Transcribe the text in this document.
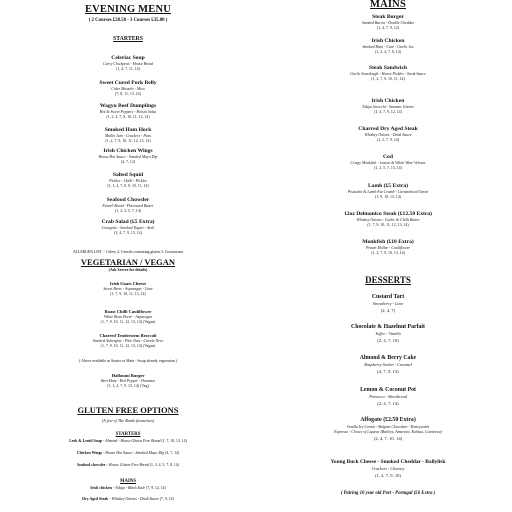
EVENING MENU
( 2 Courses £28.50 - 3 Courses £35.00 )
STARTERS
Celeriac Soup
Curry Chickpeas - House Bread
(1, 4, 7, 11, 14)
Sweet Cured Pork Belly
Cider Mussels - Miso
(7, 8, 11, 13, 14)
Wagyu Beef Dumplings
Hot & Sweet Peppers - Hoisin Salsa
(1, 2, 4, 7, 9, 10, 11, 12, 14)
Smoked Ham Hock
Mullet Jam - Crackers - Peas
(1, 2, 7, 9, 10, 11, 12, 13, 14)
Irish Chicken Wings
House Hot Sauce - Smoked Mayo Dip
(4, 7, 12)
Salted Squid
Pickles - Chilli - Pickles
(1, 3, 4, 7, 8, 9, 10, 11, 14)
Seafood Chowder
Fennel Bread - Flavoured Butter
(1, 2, 3, 5, 7, 14)
Crab Salad (£5 Extra)
Courgette - Smoked Yogurt - Aioli
(3, 4, 7, 9, 13, 14)
ALLERGEN LIST :- Celery 2: Cereals containing gluten 3: Crustaceans
VEGETARIAN / VEGAN
(Ask Server for details)
Irish Goats Cheese
Sweet Beets - Asparagus - Lime
(1, 7, 9, 10, 11, 13, 14)
Roast Chilli Cauliflower
White Bean Puree - Asparagus
(1, 7, 9, 10, 11, 12, 13, 14) (Vegan)
Charred Tenderstem Broccoli
Smoked Aubergine - Pine Nuts - Cavolo Nero
(1, 7, 9, 10, 11, 12, 13, 14) (Vegan)
( Above available as Starter or Main - Swap already vegetarian )
Halloumi Burger
Beet Ham - Red Pepper - Hummus
(1, 3, 4, 7, 9, 13, 14) (Veg)
GLUTEN FREE OPTIONS
(A few of The Bards favourites)
STARTERS
Leek & Lentil Soup - Almond - House Gluten Free Bread (1, 7, 10, 13, 14)
Chicken Wings - House Hot Sauce - Smoked Mayo Dip (4, 7, 12)
Seafood chowder - House Gluten Free Bread (1, 3, 4, 5, 7, 8, 14)
MAINS
Irish chicken - Nduja - Black Kale (7, 9, 12, 14)
Dry Aged Steak - Whiskey Onions - Diedi Sauce (7, 9, 14)
MAINS
Steak Burger
Smoked Bacon - Double Cheddar
(1, 4, 7, 9, 12)
Irish Chicken
Smoked Ham - Cure - Garlic Jus
(1, 2, 4, 7, 9, 14)
Steak Sandwich
Garlic Sourdough - House Pickles - Steak Sauce
(1, 2, 7, 9, 10, 11, 14)
Irish Chicken
Nduja Gnocchi - Summer Greens
(1, 4, 7, 9, 12, 14)
Charred Dry Aged Steak
Whiskey Onions - Diedi Sauce
(1, 2, 7, 9, 14)
Cod
Crispy Monkfish - Lemon & White Wine Veloute
(1, 2, 5, 7, 13, 14)
Lamb (£5 Extra)
Pistachio & Lamb Fat Crumb - Caramelised Onion
(1, 9, 10, 13, 14)
12oz Delmonico Steak (£12.50 Extra)
Whiskey Onions - Garlic & Chilli Butter
(1, 7, 9, 10, 11, 12, 13, 14)
Monkfish (£10 Extra)
Prawn Mollee - Cauliflower
(1, 2, 7, 9, 10, 13, 14)
DESSERTS
Custard Tart
Strawberry - Lime
(2, 4, 7)
Chocolate & Hazelnut Parfait
Toffee - Vanilla
(2, 4, 7, 10)
Almond & Berry Cake
Raspberry Sorbet - Caramel
(4, 7, 9, 13)
Lemon & Coconut Pot
Prosecco - Shortbread
(2, 4, 7, 14)
Affogato (£2.50 Extra)
Vanilla Ice Cream - Belgian Chocolate - Honeycomb
Espresso - Choice of Liqueur (Baileys, Amaretto, Kahlua, Cointreau)
(2, 4, 7, 10, 14)
Young Buck Cheese - Smoked Cheddar - Ballylisk
Crackers - Chutney
(1, 2, 7, 9, 10)
( Pairing 10 year old Port - Portugal (£6 Extra )
